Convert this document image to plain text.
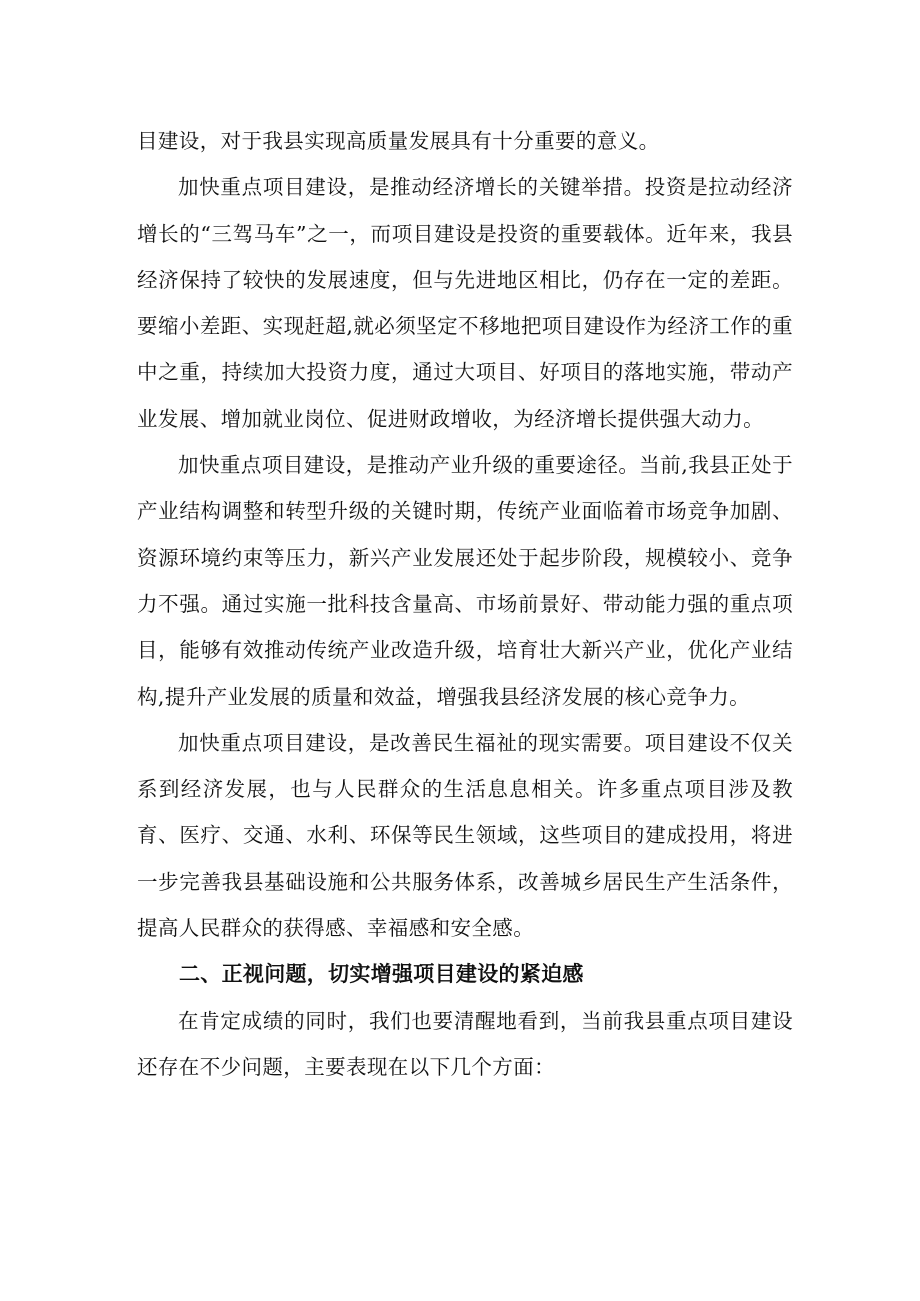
目建设，对于我县实现高质量发展具有十分重要的意义。

加快重点项目建设，是推动经济增长的关键举措。投资是拉动经济增长的“三驾马车”之一，而项目建设是投资的重要载体。近年来，我县经济保持了较快的发展速度，但与先进地区相比，仍存在一定的差距。要缩小差距、实现赶超,就必须坚定不移地把项目建设作为经济工作的重中之重，持续加大投资力度，通过大项目、好项目的落地实施，带动产业发展、增加就业岗位、促进财政增收，为经济增长提供强大动力。

加快重点项目建设，是推动产业升级的重要途径。当前,我县正处于产业结构调整和转型升级的关键时期，传统产业面临着市场竞争加剧、资源环境约束等压力，新兴产业发展还处于起步阶段，规模较小、竞争力不强。通过实施一批科技含量高、市场前景好、带动能力强的重点项目，能够有效推动传统产业改造升级，培育壮大新兴产业，优化产业结构,提升产业发展的质量和效益，增强我县经济发展的核心竞争力。

加快重点项目建设，是改善民生福祉的现实需要。项目建设不仅关系到经济发展，也与人民群众的生活息息相关。许多重点项目涉及教育、医疗、交通、水利、环保等民生领域，这些项目的建成投用，将进一步完善我县基础设施和公共服务体系，改善城乡居民生产生活条件，提高人民群众的获得感、幸福感和安全感。

二、正视问题，切实增强项目建设的紧迫感

在肯定成绩的同时，我们也要清醒地看到，当前我县重点项目建设还存在不少问题，主要表现在以下几个方面：
